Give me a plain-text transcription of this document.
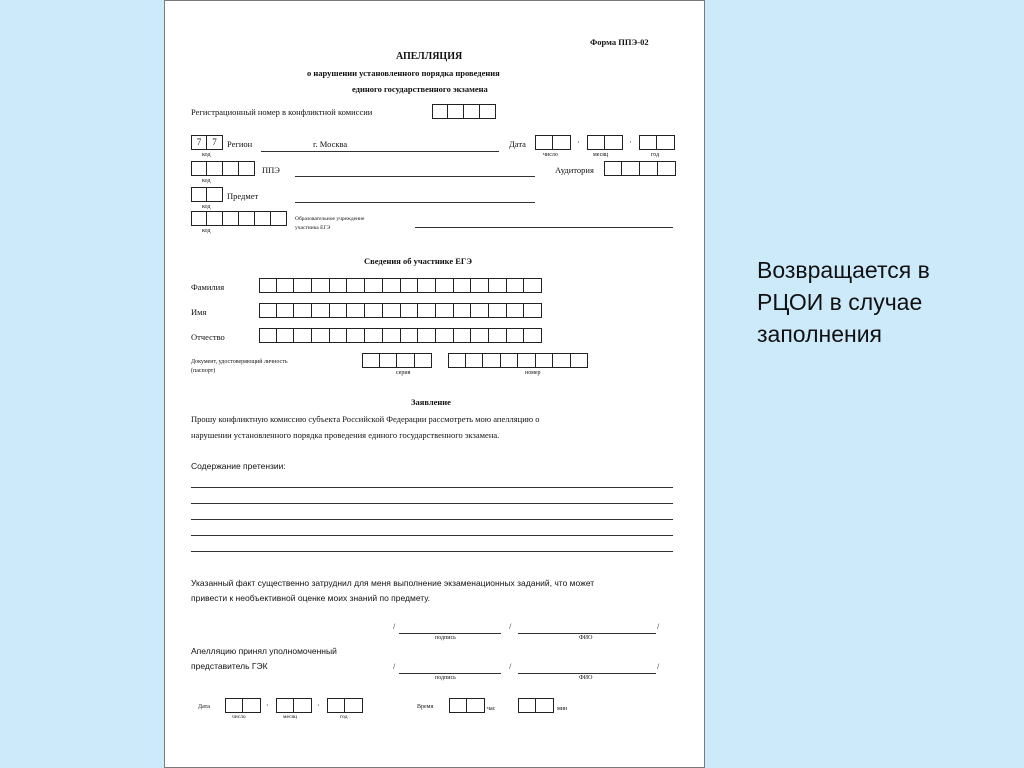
Форма ППЭ-02
АПЕЛЛЯЦИЯ
о нарушении установленного порядка проведения
единого государственного экзамена
Регистрационный номер в конфликтной комиссии
7	7	Регион	г. Москва
код
Дата	·	·
число	месяц	год
ППЭ	Аудитория
код
Предмет
код
Образовательное учреждение
участника ЕГЭ
код
Сведения об участнике ЕГЭ
Фамилия
Имя
Отчество
Документ, удостоверяющий личность
(паспорт)	серия	номер
Заявление
Прошу конфликтную комиссию субъекта Российской Федерации рассмотреть мою апелляцию о
нарушении установленного порядка проведения единого государственного экзамена.
Содержание претензии:
Указанный факт существенно затруднил для меня выполнение экзаменационных заданий, что может
привести к необъективной оценке моих знаний по предмету.
/	/	/
подпись	ФИО
Апелляцию принял уполномоченный
представитель ГЭК	/	/	/
подпись	ФИО
Дата	·	·
число	месяц	год
Время	час	мин
Возвращается в РЦОИ в случае заполнения
